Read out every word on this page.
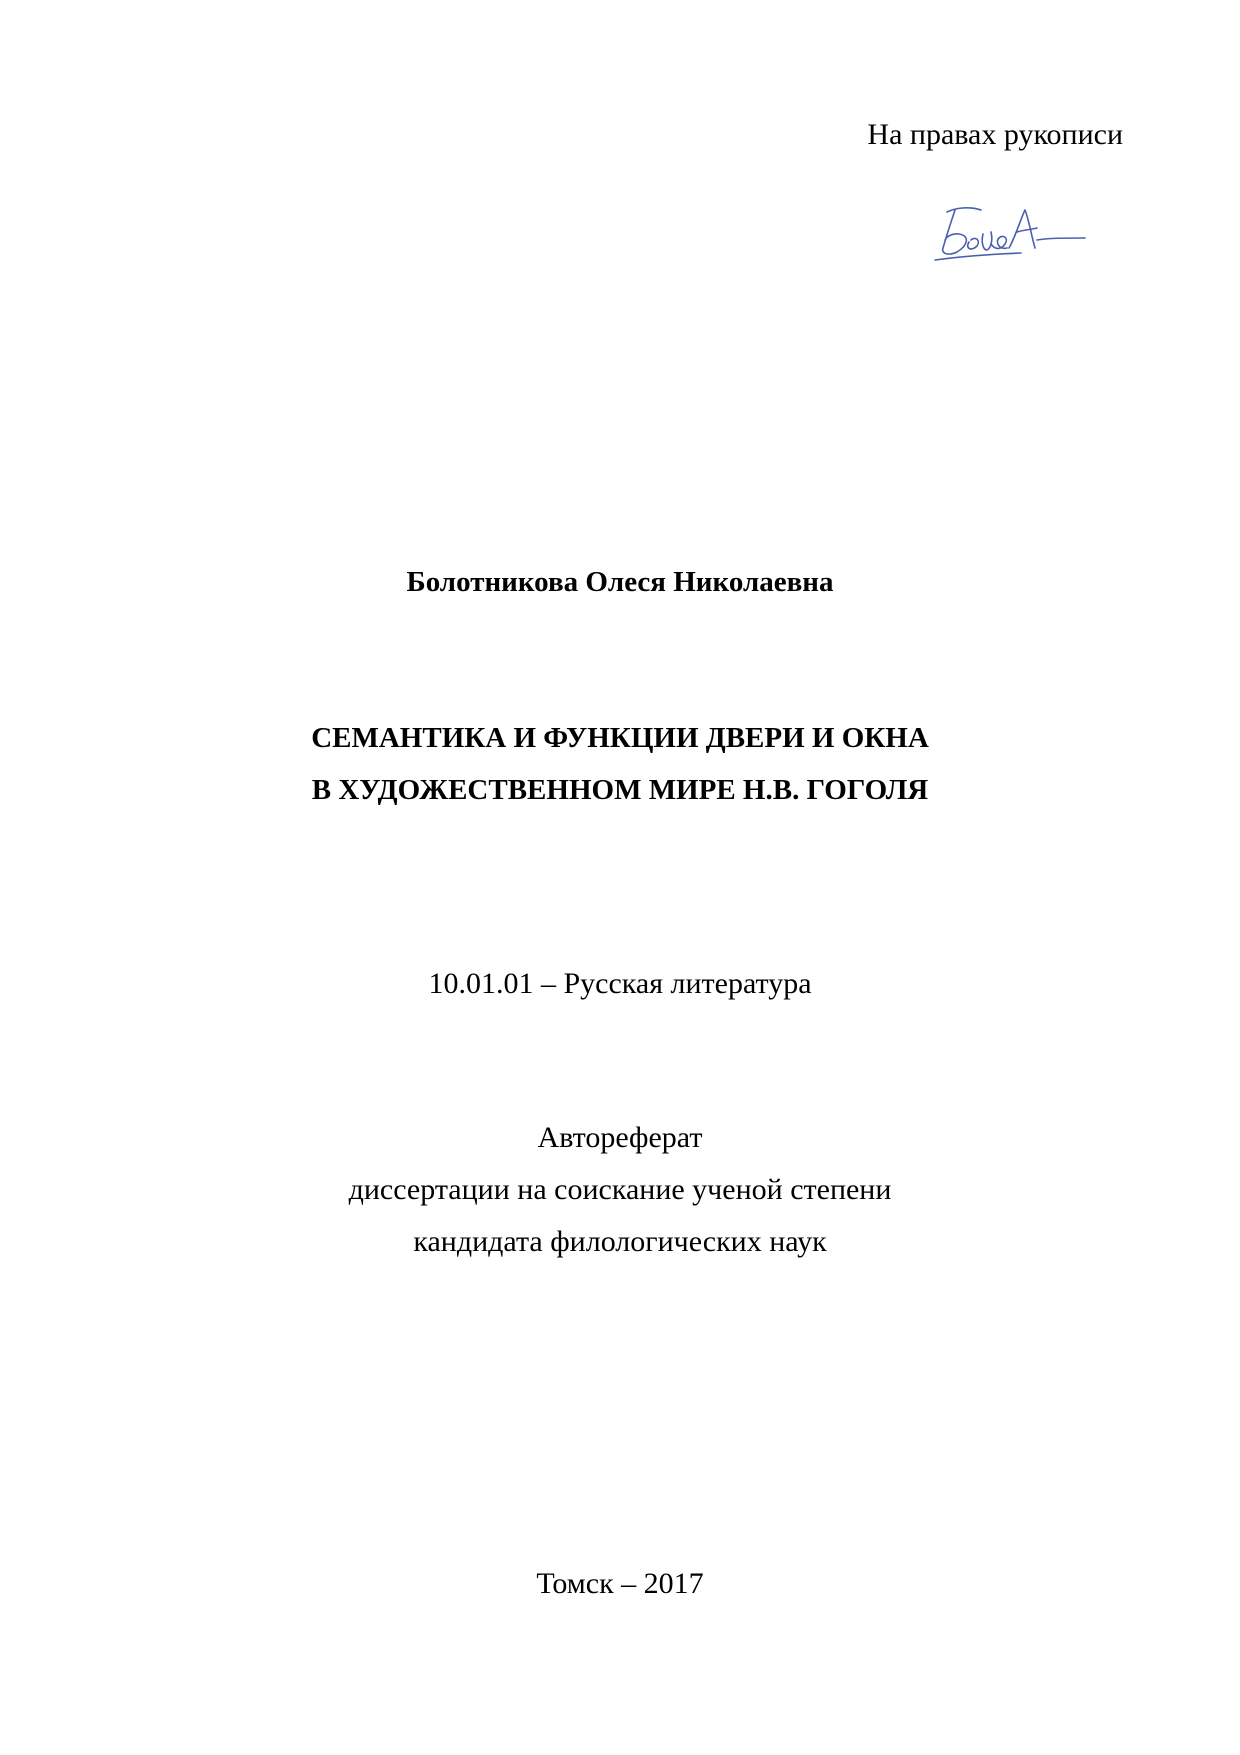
На правах рукописи
Болотникова Олеся Николаевна
СЕМАНТИКА И ФУНКЦИИ ДВЕРИ И ОКНА
В ХУДОЖЕСТВЕННОМ МИРЕ Н.В. ГОГОЛЯ
10.01.01 – Русская литература
Автореферат
диссертации на соискание ученой степени
кандидата филологических наук
Томск – 2017
